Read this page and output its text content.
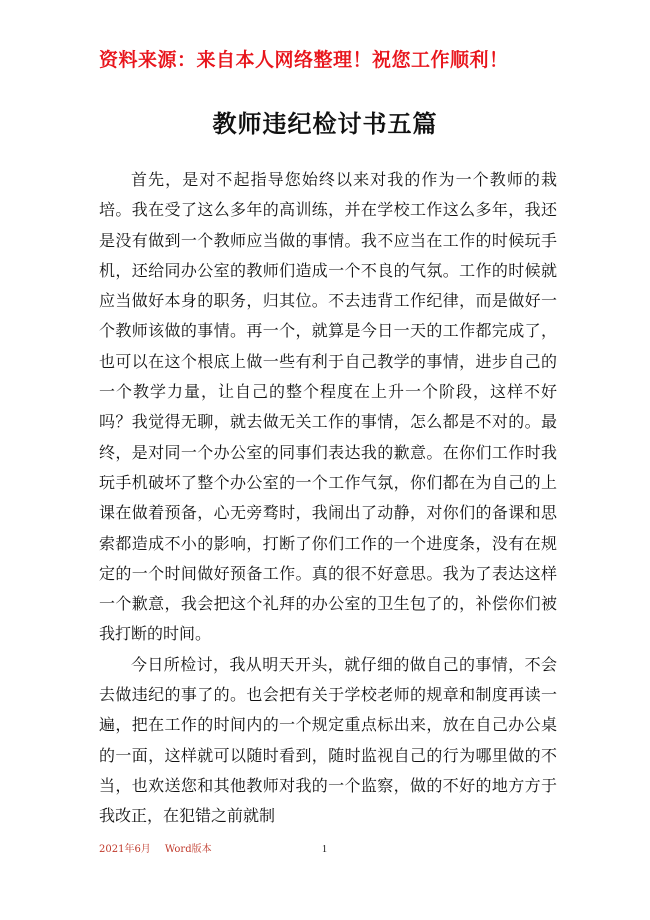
资料来源：来自本人网络整理！祝您工作顺利！
教师违纪检讨书五篇

首先，是对不起指导您始终以来对我的作为一个教师的栽培。我在受了这么多年的高训练，并在学校工作这么多年，我还是没有做到一个教师应当做的事情。我不应当在工作的时候玩手机，还给同办公室的教师们造成一个不良的气氛。工作的时候就应当做好本身的职务，归其位。不去违背工作纪律，而是做好一个教师该做的事情。再一个，就算是今日一天的工作都完成了，也可以在这个根底上做一些有利于自己教学的事情，进步自己的一个教学力量，让自己的整个程度在上升一个阶段，这样不好吗？我觉得无聊，就去做无关工作的事情，怎么都是不对的。最终，是对同一个办公室的同事们表达我的歉意。在你们工作时我玩手机破坏了整个办公室的一个工作气氛，你们都在为自己的上课在做着预备，心无旁骛时，我闹出了动静，对你们的备课和思索都造成不小的影响，打断了你们工作的一个进度条，没有在规定的一个时间做好预备工作。真的很不好意思。我为了表达这样一个歉意，我会把这个礼拜的办公室的卫生包了的，补偿你们被我打断的时间。

今日所检讨，我从明天开头，就仔细的做自己的事情，不会去做违纪的事了的。也会把有关于学校老师的规章和制度再读一遍，把在工作的时间内的一个规定重点标出来，放在自己办公桌的一面，这样就可以随时看到，随时监视自己的行为哪里做的不当，也欢送您和其他教师对我的一个监察，做的不好的地方方于我改正，在犯错之前就制

2021年6月 Word版本	1
